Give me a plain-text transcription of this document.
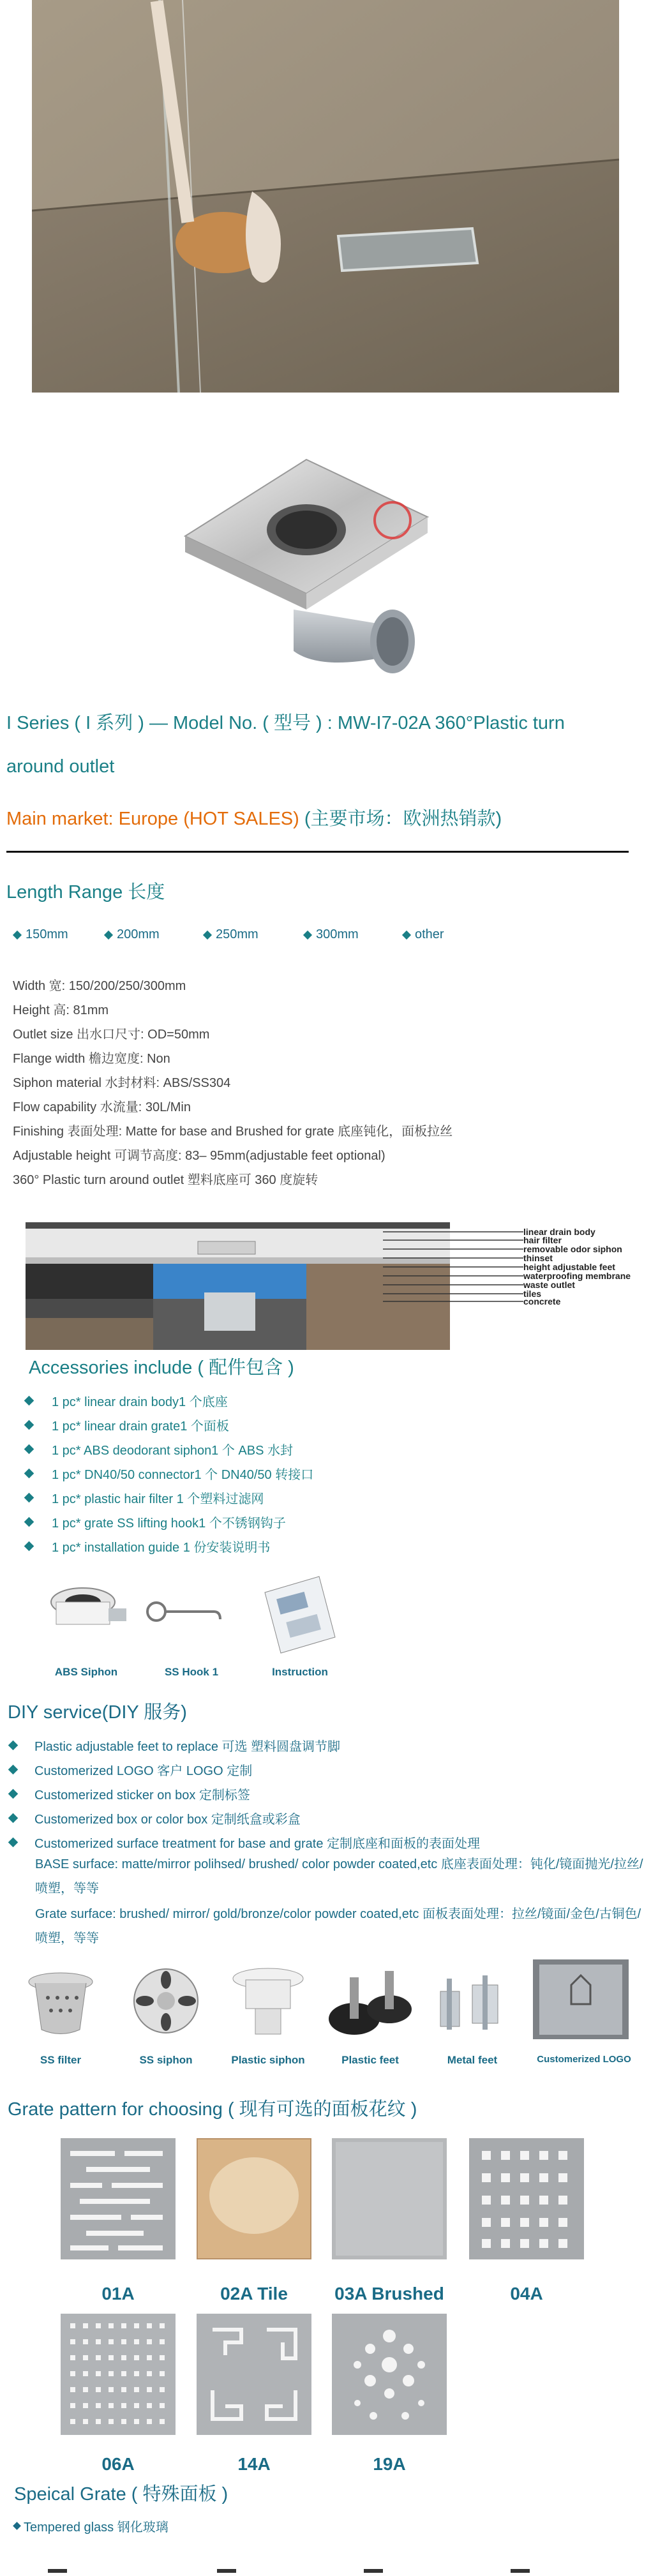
I Series ( I 系列 ) — Model No. ( 型号 ) : MW-I7-02A 360°Plastic turn
around outlet
Main market: Europe (HOT SALES) (主要市场：欧洲热销款)
Length Range 长度
150mm	200mm	250mm	300mm	other
Width 宽: 150/200/250/300mm
Height 高: 81mm
Outlet size 出水口尺寸: OD=50mm
Flange width 檐边宽度: Non
Siphon material 水封材料: ABS/SS304
Flow capability 水流量: 30L/Min
Finishing 表面处理: Matte for base and Brushed for grate 底座钝化，面板拉丝
Adjustable height 可调节高度: 83– 95mm(adjustable feet optional)
360° Plastic turn around outlet 塑料底座可 360 度旋转
linear drain body
hair filter
removable odor siphon
thinset
height adjustable feet
waterproofing membrane
waste outlet
tiles
concrete
Accessories include ( 配件包含 )
1 pc* linear drain body1 个底座
1 pc* linear drain grate1 个面板
1 pc* ABS deodorant siphon1 个 ABS 水封
1 pc* DN40/50 connector1 个 DN40/50 转接口
1 pc* plastic hair filter 1 个塑料过滤网
1 pc* grate SS lifting hook1 个不锈钢钩子
1 pc* installation guide 1 份安装说明书
ABS Siphon	SS Hook 1	Instruction
DIY service(DIY 服务)
Plastic adjustable feet to replace 可选 塑料圆盘调节脚
Customerized LOGO 客户 LOGO 定制
Customerized sticker on box 定制标签
Customerized box or color box 定制纸盒或彩盒
Customerized surface treatment for base and grate 定制底座和面板的表面处理
BASE surface: matte/mirror polihsed/ brushed/ color powder coated,etc 底座表面处理：钝化/镜面抛光/拉丝/喷塑，等等
Grate surface: brushed/ mirror/ gold/bronze/color powder coated,etc 面板表面处理：拉丝/镜面/金色/古铜色/喷塑，等等
SS filter	SS siphon	Plastic siphon	Plastic feet	Metal feet	Customerized LOGO
Grate pattern for choosing ( 现有可选的面板花纹 )
01A	02A Tile	03A Brushed	04A
06A	14A	19A
Speical Grate ( 特殊面板 )
Tempered glass 钢化玻璃
